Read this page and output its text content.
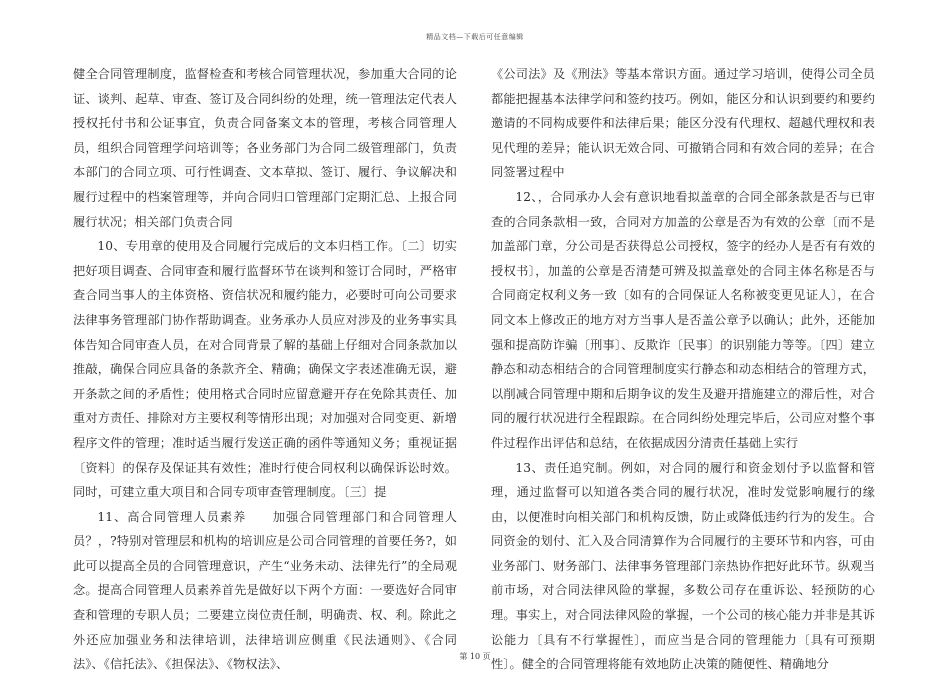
精品文档—下载后可任意编辑

健全合同管理制度，监督检查和考核合同管理状况，参加重大合同的论证、谈判、起草、审查、签订及合同纠纷的处理，统一管理法定代表人授权托付书和公证事宜，负责合同备案文本的管理，考核合同管理人员，组织合同管理学问培训等；各业务部门为合同二级管理部门，负责本部门的合同立项、可行性调查、文本草拟、签订、履行、争议解决和履行过程中的档案管理等，并向合同归口管理部门定期汇总、上报合同履行状况；相关部门负责合同

10、专用章的使用及合同履行完成后的文本归档工作。〔二〕切实把好项目调查、合同审查和履行监督环节在谈判和签订合同时，严格审查合同当事人的主体资格、资信状况和履约能力，必要时可向公司要求法律事务管理部门协作帮助调查。业务承办人员应对涉及的业务事实具体告知合同审查人员，在对合同背景了解的基础上仔细对合同条款加以推敲，确保合同应具备的条款齐全、精确；确保文字表述准确无误，避开条款之间的矛盾性；使用格式合同时应留意避开存在免除其责任、加重对方责任、排除对方主要权利等情形出现；对加强对合同变更、新增程序文件的管理；准时适当履行发送正确的函件等通知义务；重视证据〔资料〕的保存及保证其有效性；准时行使合同权利以确保诉讼时效。同时，可建立重大项目和合同专项审查管理制度。〔三〕提

11、高合同管理人员素养　　加强合同管理部门和合同管理人员？，?特别对管理层和机构的培训应是公司合同管理的首要任务?，如此可以提高全员的合同管理意识，产生“业务未动、法律先行”的全局观念。提高合同管理人员素养首先是做好以下两个方面：一要选好合同审查和管理的专职人员；二要建立岗位责任制，明确责、权、利。除此之外还应加强业务和法律培训，法律培训应侧重《民法通则》、《合同法》、《信托法》、《担保法》、《物权法》、

《公司法》及《刑法》等基本常识方面。通过学习培训，使得公司全员都能把握基本法律学问和签约技巧。例如，能区分和认识到要约和要约邀请的不同构成要件和法律后果；能区分没有代理权、超越代理权和表见代理的差异；能认识无效合同、可撤销合同和有效合同的差异；在合同签署过程中

12、，合同承办人会有意识地看拟盖章的合同全部条款是否与已审查的合同条款相一致，合同对方加盖的公章是否为有效的公章〔而不是加盖部门章，分公司是否获得总公司授权，签字的经办人是否有有效的授权书〕，加盖的公章是否清楚可辨及拟盖章处的合同主体名称是否与合同商定权利义务一致〔如有的合同保证人名称被变更见证人〕，在合同文本上修改正的地方对方当事人是否盖公章予以确认；此外，还能加强和提高防诈骗〔刑事〕、反欺诈〔民事〕的识别能力等等。〔四〕建立静态和动态相结合的合同管理制度实行静态和动态相结合的管理方式，以削减合同管理中期和后期争议的发生及避开措施建立的滞后性，对合同的履行状况进行全程跟踪。在合同纠纷处理完毕后，公司应对整个事件过程作出评估和总结，在依据成因分清责任基础上实行

13、责任追究制。例如，对合同的履行和资金划付予以监督和管理，通过监督可以知道各类合同的履行状况，准时发觉影响履行的缘由，以便准时向相关部门和机构反馈，防止或降低违约行为的发生。合同资金的划付、汇入及合同清算作为合同履行的主要环节和内容，可由业务部门、财务部门、法律事务管理部门亲热协作把好此环节。纵观当前市场，对合同法律风险的掌握，多数公司存在重诉讼、轻预防的心理。事实上，对合同法律风险的掌握，一个公司的核心能力并非是其诉讼能力〔具有不行掌握性〕，而应当是合同的管理能力〔具有可预期性〕。健全的合同管理将能有效地防止决策的随便性、精确地分

第 10 页
